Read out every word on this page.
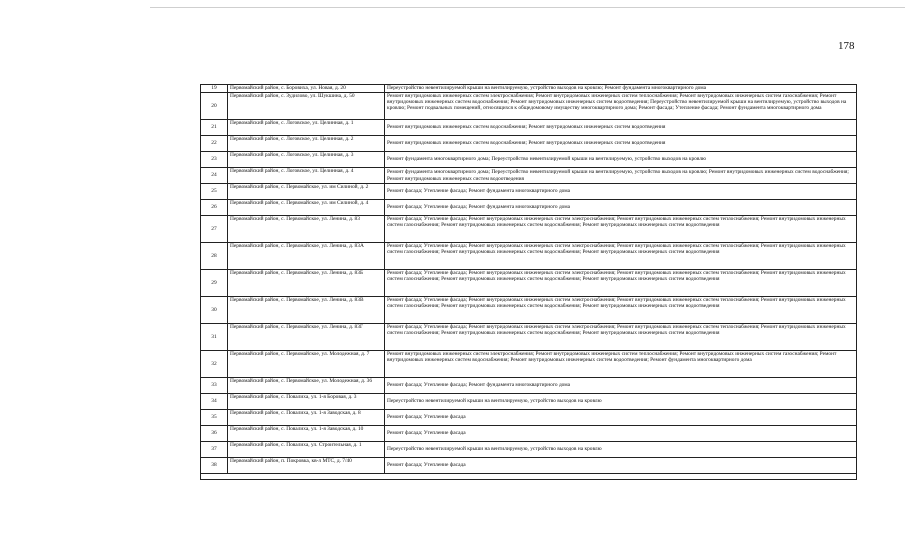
178
19	Первомайский район, с. Боровиха, ул. Новая, д. 20	Переустройство невентилируемой крыши на вентилируемую, устройство выходов на кровлю; Ремонт фундамента многоквартирного дома
20	Первомайский район, с. Зудилово, ул. Шукшина, д. 50	Ремонт внутридомовых инженерных систем электроснабжения; Ремонт внутридомовых инженерных систем теплоснабжения; Ремонт внутридомовых инженерных систем газоснабжения; Ремонт внутридомовых инженерных систем водоснабжения; Ремонт внутридомовых инженерных систем водоотведения; Переустройство невентилируемой крыши на вентилируемую, устройство выходов на кровлю; Ремонт подвальных помещений, относящихся к общедомовому имуществу многоквартирного дома; Ремонт фасада; Утепление фасада; Ремонт фундамента многоквартирного дома
21	Первомайский район, с. Логовское, ул. Целинная, д. 1	Ремонт внутридомовых инженерных систем водоснабжения; Ремонт внутридомовых инженерных систем водоотведения
22	Первомайский район, с. Логовское, ул. Целинная, д. 2	Ремонт внутридомовых инженерных систем водоснабжения; Ремонт внутридомовых инженерных систем водоотведения
23	Первомайский район, с. Логовское, ул. Целинная, д. 3	Ремонт фундамента многоквартирного дома; Переустройство невентилируемой крыши на вентилируемую, устройство выходов на кровлю
24	Первомайский район, с. Логовское, ул. Целинная, д. 4	Ремонт фундамента многоквартирного дома; Переустройство невентилируемой крыши на вентилируемую, устройство выходов на кровлю; Ремонт внутридомовых инженерных систем водоснабжения; Ремонт внутридомовых инженерных систем водоотведения
25	Первомайский район, с. Первомайское, ул. им Силиной, д. 2	Ремонт фасада; Утепление фасада; Ремонт фундамента многоквартирного дома
26	Первомайский район, с. Первомайское, ул. им Силиной, д. 4	Ремонт фасада; Утепление фасада; Ремонт фундамента многоквартирного дома
27	Первомайский район, с. Первомайское, ул. Ленина, д. 83	Ремонт фасада; Утепление фасада; Ремонт внутридомовых инженерных систем электроснабжения; Ремонт внутридомовых инженерных систем теплоснабжения; Ремонт внутридомовых инженерных систем газоснабжения; Ремонт внутридомовых инженерных систем водоснабжения; Ремонт внутридомовых инженерных систем водоотведения
28	Первомайский район, с. Первомайское, ул. Ленина, д. 83А	Ремонт фасада; Утепление фасада; Ремонт внутридомовых инженерных систем электроснабжения; Ремонт внутридомовых инженерных систем теплоснабжения; Ремонт внутридомовых инженерных систем газоснабжения; Ремонт внутридомовых инженерных систем водоснабжения; Ремонт внутридомовых инженерных систем водоотведения
29	Первомайский район, с. Первомайское, ул. Ленина, д. 83Б	Ремонт фасада; Утепление фасада; Ремонт внутридомовых инженерных систем электроснабжения; Ремонт внутридомовых инженерных систем теплоснабжения; Ремонт внутридомовых инженерных систем газоснабжения; Ремонт внутридомовых инженерных систем водоснабжения; Ремонт внутридомовых инженерных систем водоотведения
30	Первомайский район, с. Первомайское, ул. Ленина, д. 83В	Ремонт фасада; Утепление фасада; Ремонт внутридомовых инженерных систем электроснабжения; Ремонт внутридомовых инженерных систем теплоснабжения; Ремонт внутридомовых инженерных систем газоснабжения; Ремонт внутридомовых инженерных систем водоснабжения; Ремонт внутридомовых инженерных систем водоотведения
31	Первомайский район, с. Первомайское, ул. Ленина, д. 83Г	Ремонт фасада; Утепление фасада; Ремонт внутридомовых инженерных систем электроснабжения; Ремонт внутридомовых инженерных систем теплоснабжения; Ремонт внутридомовых инженерных систем газоснабжения; Ремонт внутридомовых инженерных систем водоснабжения; Ремонт внутридомовых инженерных систем водоотведения
32	Первомайский район, с. Первомайское, ул. Молодежная, д. 7	Ремонт внутридомовых инженерных систем электроснабжения; Ремонт внутридомовых инженерных систем теплоснабжения; Ремонт внутридомовых инженерных систем газоснабжения; Ремонт внутридомовых инженерных систем водоснабжения; Ремонт внутридомовых инженерных систем водоотведения; Ремонт фундамента многоквартирного дома
33	Первомайский район, с. Первомайское, ул. Молодежная, д. 36	Ремонт фасада; Утепление фасада; Ремонт фундамента многоквартирного дома
34	Первомайский район, с. Повалиха, ул. 1-я Боровая, д. 3	Переустройство невентилируемой крыши на вентилируемую, устройство выходов на кровлю
35	Первомайский район, с. Повалиха, ул. 1-я Заводская, д. 8	Ремонт фасада; Утепление фасада
36	Первомайский район, с. Повалиха, ул. 1-я Заводская, д. 10	Ремонт фасада; Утепление фасада
37	Первомайский район, с. Повалиха, ул. Строительная, д. 1	Переустройство невентилируемой крыши на вентилируемую, устройство выходов на кровлю
38	Первомайский район, п. Покровка, кв-л МТС, д. 7/40	Ремонт фасада; Утепление фасада
